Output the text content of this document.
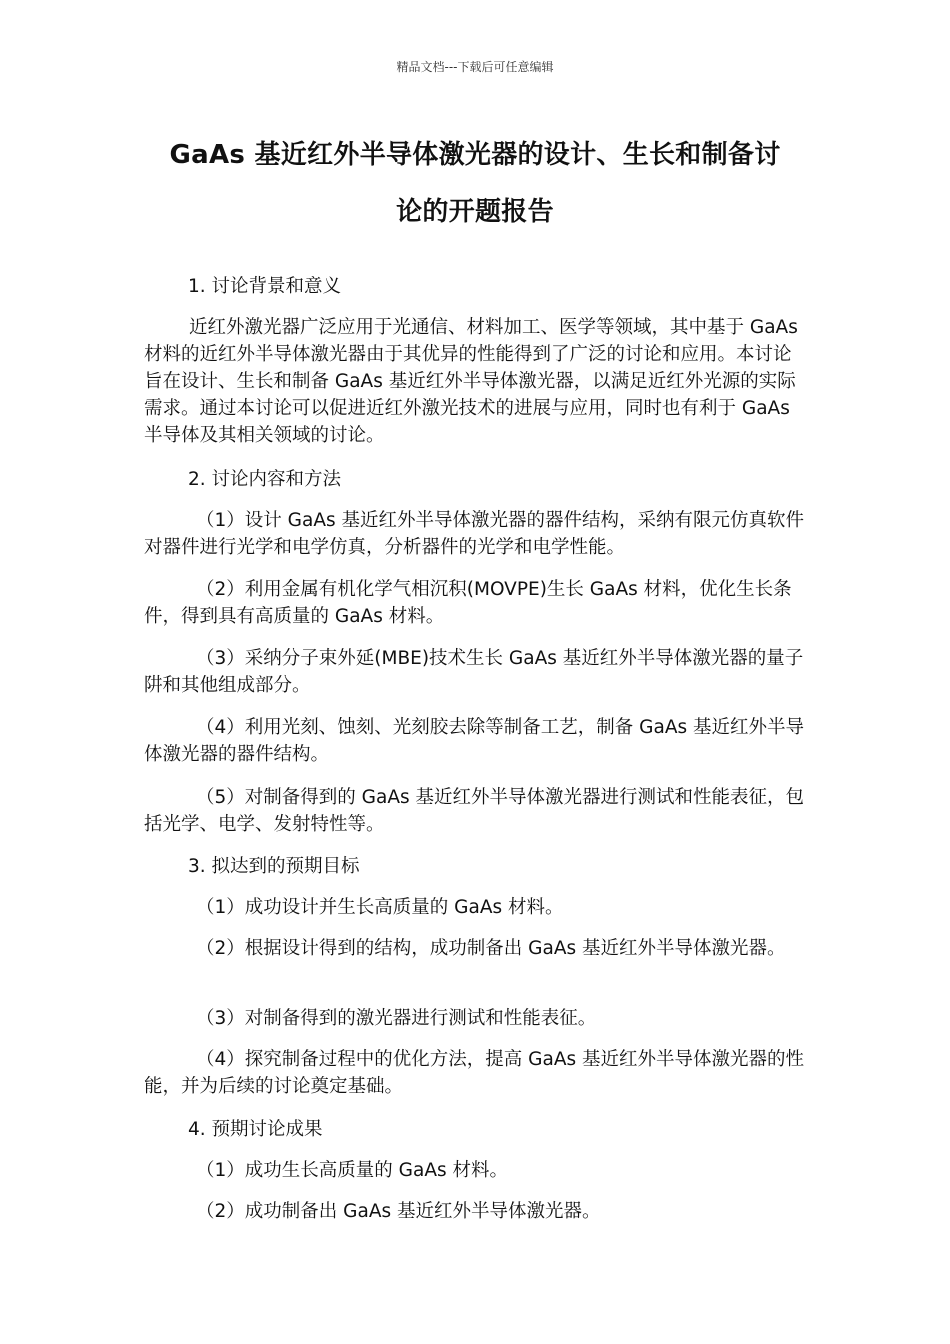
精品文档---下载后可任意编辑
GaAs 基近红外半导体激光器的设计、生长和制备讨
论的开题报告
1. 讨论背景和意义

近红外激光器广泛应用于光通信、材料加工、医学等领域，其中基于 GaAs 材料的近红外半导体激光器由于其优异的性能得到了广泛的讨论和应用。本讨论旨在设计、生长和制备 GaAs 基近红外半导体激光器，以满足近红外光源的实际需求。通过本讨论可以促进近红外激光技术的进展与应用，同时也有利于 GaAs 半导体及其相关领域的讨论。

2. 讨论内容和方法

（1）设计 GaAs 基近红外半导体激光器的器件结构，采纳有限元仿真软件对器件进行光学和电学仿真，分析器件的光学和电学性能。

（2）利用金属有机化学气相沉积(MOVPE)生长 GaAs 材料，优化生长条件，得到具有高质量的 GaAs 材料。

（3）采纳分子束外延(MBE)技术生长 GaAs 基近红外半导体激光器的量子阱和其他组成部分。

（4）利用光刻、蚀刻、光刻胶去除等制备工艺，制备 GaAs 基近红外半导体激光器的器件结构。

（5）对制备得到的 GaAs 基近红外半导体激光器进行测试和性能表征，包括光学、电学、发射特性等。

3. 拟达到的预期目标

（1）成功设计并生长高质量的 GaAs 材料。

（2）根据设计得到的结构，成功制备出 GaAs 基近红外半导体激光器。

（3）对制备得到的激光器进行测试和性能表征。

（4）探究制备过程中的优化方法，提高 GaAs 基近红外半导体激光器的性能，并为后续的讨论奠定基础。

4. 预期讨论成果

（1）成功生长高质量的 GaAs 材料。

（2）成功制备出 GaAs 基近红外半导体激光器。
